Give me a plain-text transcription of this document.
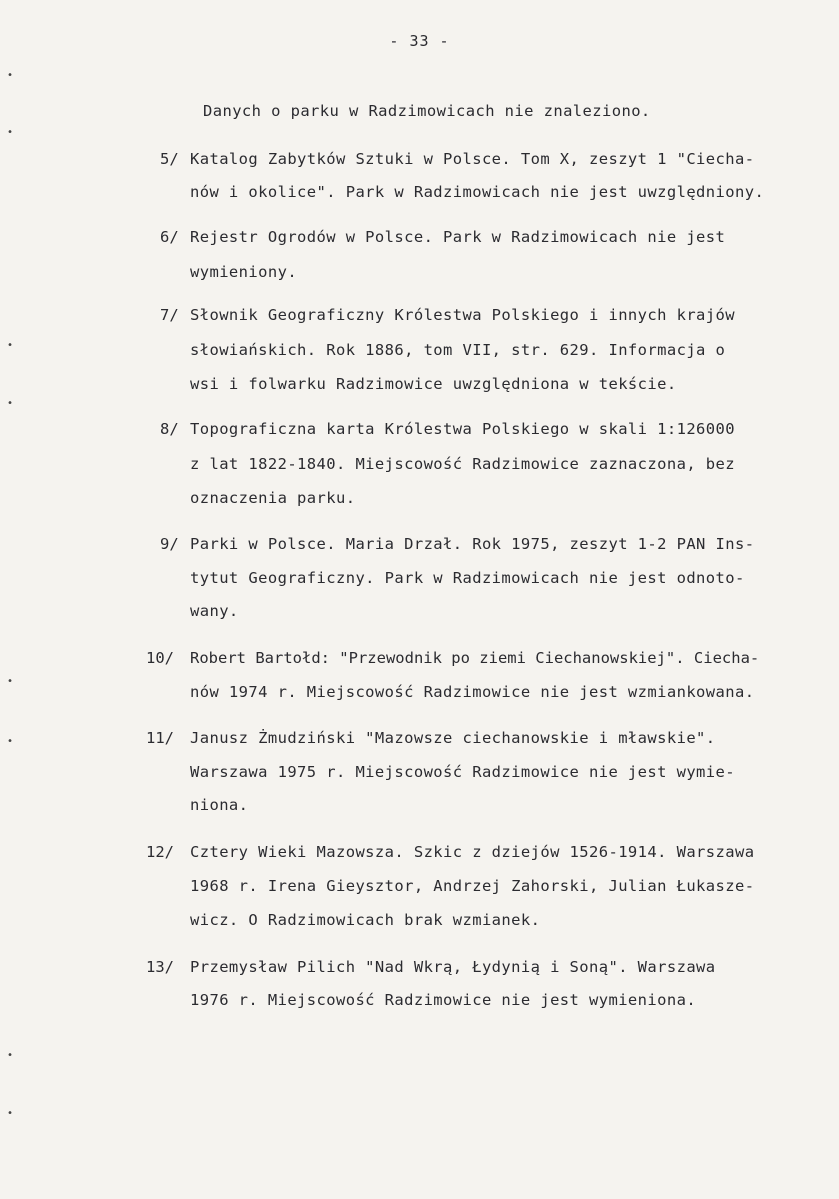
- 33 -
•
•
•
•
•
•
•
•
Danych o parku w Radzimowicach nie znaleziono.
5/ Katalog Zabytków Sztuki w Polsce. Tom X, zeszyt 1 "Ciecha-
nów i okolice". Park w Radzimowicach nie jest uwzględniony.
6/ Rejestr Ogrodów w Polsce. Park w Radzimowicach nie jest
wymieniony.
7/ Słownik Geograficzny Królestwa Polskiego i innych krajów
słowiańskich. Rok 1886, tom VII, str. 629. Informacja o
wsi i folwarku Radzimowice uwzględniona w tekście.
8/ Topograficzna karta Królestwa Polskiego w skali 1:126000
z lat 1822-1840. Miejscowość Radzimowice zaznaczona, bez
oznaczenia parku.
9/ Parki w Polsce. Maria Drzał. Rok 1975, zeszyt 1-2 PAN Ins-
tytut Geograficzny. Park w Radzimowicach nie jest odnoto-
wany.
10/ Robert Bartołd: "Przewodnik po ziemi Ciechanowskiej". Ciecha-
nów 1974 r. Miejscowość Radzimowice nie jest wzmiankowana.
11/ Janusz Żmudziński "Mazowsze ciechanowskie i mławskie".
Warszawa 1975 r. Miejscowość Radzimowice nie jest wymie-
niona.
12/ Cztery Wieki Mazowsza. Szkic z dziejów 1526-1914. Warszawa
1968 r. Irena Gieysztor, Andrzej Zahorski, Julian Łukasze-
wicz. O Radzimowicach brak wzmianek.
13/ Przemysław Pilich "Nad Wkrą, Łydynią i Soną". Warszawa
1976 r. Miejscowość Radzimowice nie jest wymieniona.
